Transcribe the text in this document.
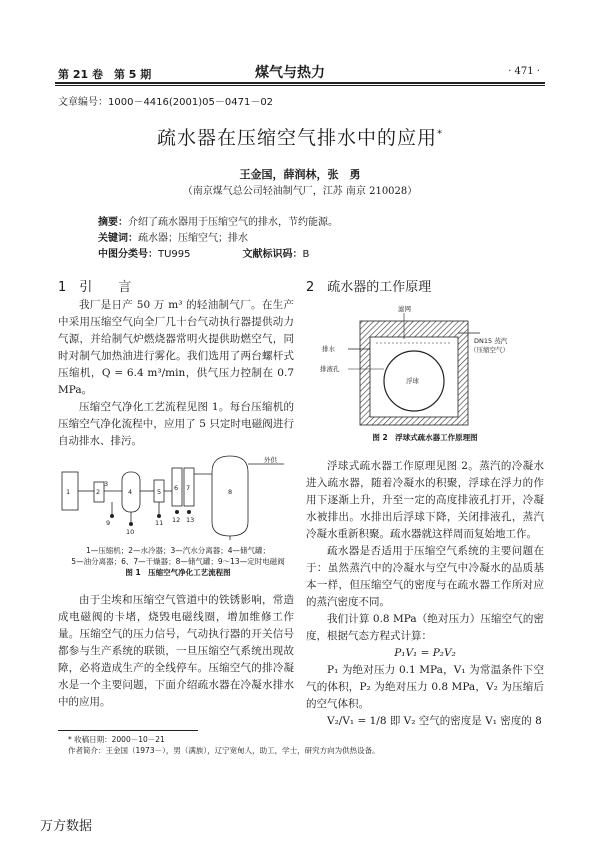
第 21 卷　第 5 期	煤气与热力	· 471 ·
文章编号：1000－4416(2001)05－0471－02
疏水器在压缩空气排水中的应用*
王金国，薛润林，张　勇
（南京煤气总公司轻油制气厂，江苏 南京 210028）
摘要：介绍了疏水器用于压缩空气的排水，节约能源。
关键词：疏水器；压缩空气；排水
中图分类号：TU995	文献标识码：B
1　引　　言

我厂是日产 50 万 m³ 的轻油制气厂。在生产中采用压缩空气向全厂几十台气动执行器提供动力气源，并给制气炉燃烧器常明火提供助燃空气，同时对制气加热油进行雾化。我们选用了两台螺杆式压缩机，Q = 6.4 m³/min，供气压力控制在 0.7 MPa。

压缩空气净化工艺流程见图 1。每台压缩机的压缩空气净化流程中，应用了 5 只定时电磁阀进行自动排水、排污。

1	2
3
4	5 6 7	8
9
10
11 12 13
外供
1—压缩机；2—水冷器；3—汽水分离器；4—储气罐；
5—油分离器；6、7—干燥器；8—储气罐；9～13—定时电磁阀
图 1　压缩空气净化工艺流程图

由于尘埃和压缩空气管道中的铁锈影响，常造成电磁阀的卡堵，烧毁电磁线圈，增加维修工作量。压缩空气的压力信号，气动执行器的开关信号都参与生产系统的联锁，一旦压缩空气系统出现故障，必将造成生产的全线停车。压缩空气的排冷凝水是一个主要问题，下面介绍疏水器在冷凝水排水中的应用。

2　疏水器的工作原理
滤网
排水
排液孔
浮球
DN15 蒸汽
（压缩空气）
图 2　浮球式疏水器工作原理图

浮球式疏水器工作原理见图 2。蒸汽的冷凝水进入疏水器，随着冷凝水的积聚，浮球在浮力的作用下逐渐上升，升至一定的高度排液孔打开，冷凝水被排出。水排出后浮球下降，关闭排液孔，蒸汽冷凝水重新积聚。疏水器就这样周而复始地工作。

疏水器是否适用于压缩空气系统的主要问题在于：虽然蒸汽中的冷凝水与空气中冷凝水的品质基本一样，但压缩空气的密度与在疏水器工作所对应的蒸汽密度不同。

我们计算 0.8 MPa（绝对压力）压缩空气的密度，根据气态方程式计算：

P₁V₁ = P₂V₂

P₁ 为绝对压力 0.1 MPa，V₁ 为常温条件下空气的体积，P₂ 为绝对压力 0.8 MPa，V₂ 为压缩后的空气体积。

V₂/V₁ = 1/8 即 V₂ 空气的密度是 V₁ 密度的 8

* 收稿日期：2000－10－21
作者简介：王金国（1973－），男（满族），辽宁宽甸人，助工，学士，研究方向为供热设备。
万方数据
